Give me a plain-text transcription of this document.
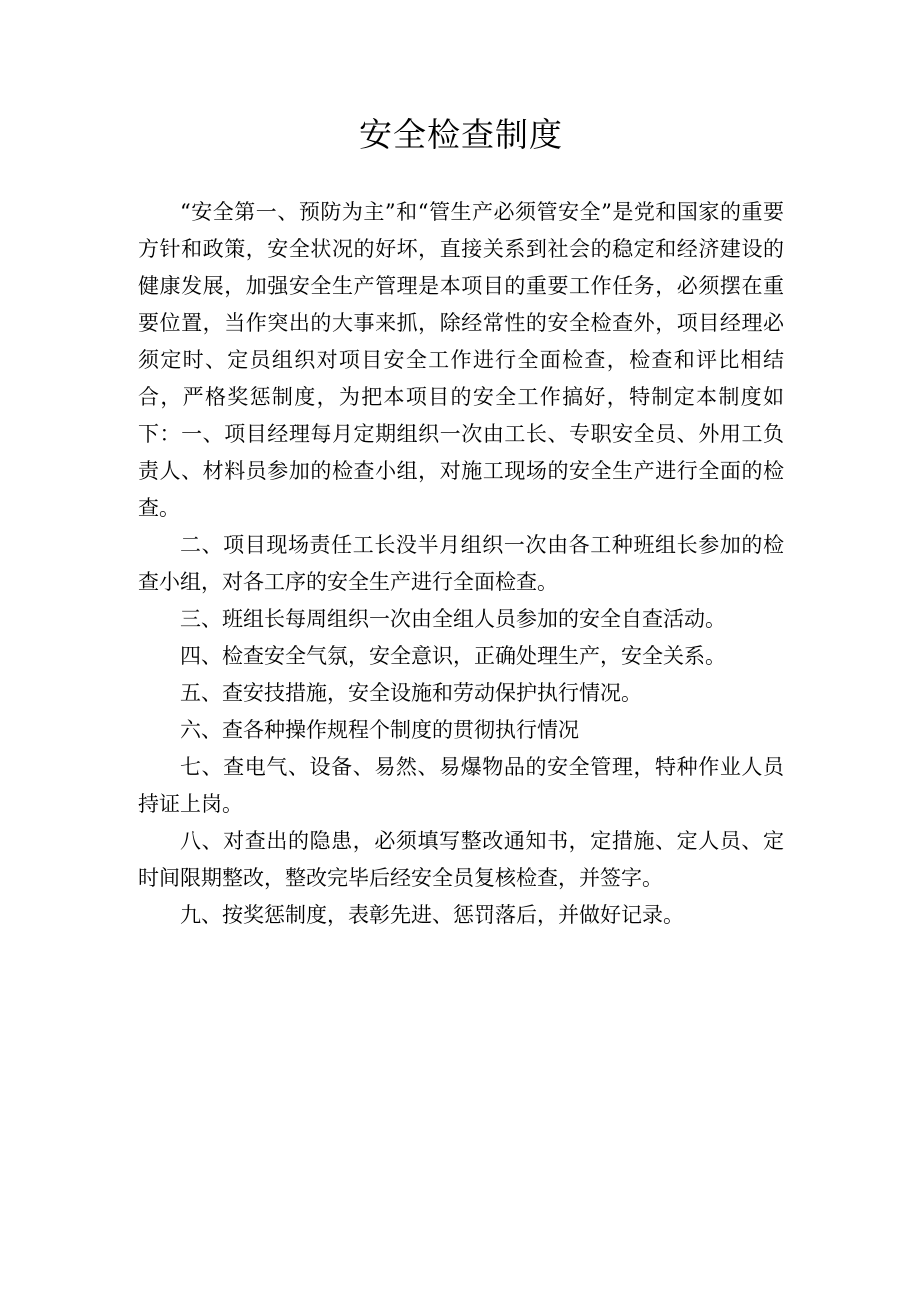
安全检查制度

“安全第一、预防为主”和“管生产必须管安全”是党和国家的重要方针和政策，安全状况的好坏，直接关系到社会的稳定和经济建设的健康发展，加强安全生产管理是本项目的重要工作任务，必须摆在重要位置，当作突出的大事来抓，除经常性的安全检查外，项目经理必须定时、定员组织对项目安全工作进行全面检查，检查和评比相结合，严格奖惩制度，为把本项目的安全工作搞好，特制定本制度如下：一、项目经理每月定期组织一次由工长、专职安全员、外用工负责人、材料员参加的检查小组，对施工现场的安全生产进行全面的检查。

二、项目现场责任工长没半月组织一次由各工种班组长参加的检查小组，对各工序的安全生产进行全面检查。

三、班组长每周组织一次由全组人员参加的安全自查活动。

四、检查安全气氛，安全意识，正确处理生产，安全关系。

五、查安技措施，安全设施和劳动保护执行情况。

六、查各种操作规程个制度的贯彻执行情况

七、查电气、设备、易然、易爆物品的安全管理，特种作业人员持证上岗。

八、对查出的隐患，必须填写整改通知书，定措施、定人员、定时间限期整改，整改完毕后经安全员复核检查，并签字。

九、按奖惩制度，表彰先进、惩罚落后，并做好记录。
